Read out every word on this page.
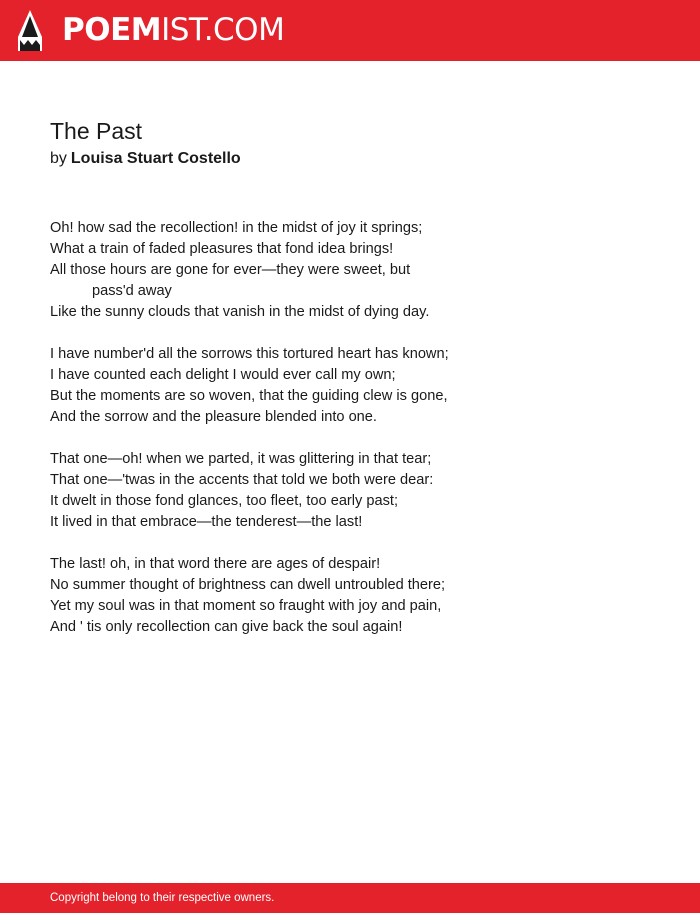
POEMIST.COM
The Past
by Louisa Stuart Costello
Oh! how sad the recollection! in the midst of joy it springs;
What a train of faded pleasures that fond idea brings!
All those hours are gone for ever—they were sweet, but pass'd away
Like the sunny clouds that vanish in the midst of dying day.
I have number'd all the sorrows this tortured heart has known;
I have counted each delight I would ever call my own;
But the moments are so woven, that the guiding clew is gone,
And the sorrow and the pleasure blended into one.
That one—oh! when we parted, it was glittering in that tear;
That one—'twas in the accents that told we both were dear:
It dwelt in those fond glances, too fleet, too early past;
It lived in that embrace—the tenderest—the last!
The last! oh, in that word there are ages of despair!
No summer thought of brightness can dwell untroubled there;
Yet my soul was in that moment so fraught with joy and pain,
And ' tis only recollection can give back the soul again!
Copyright belong to their respective owners.
